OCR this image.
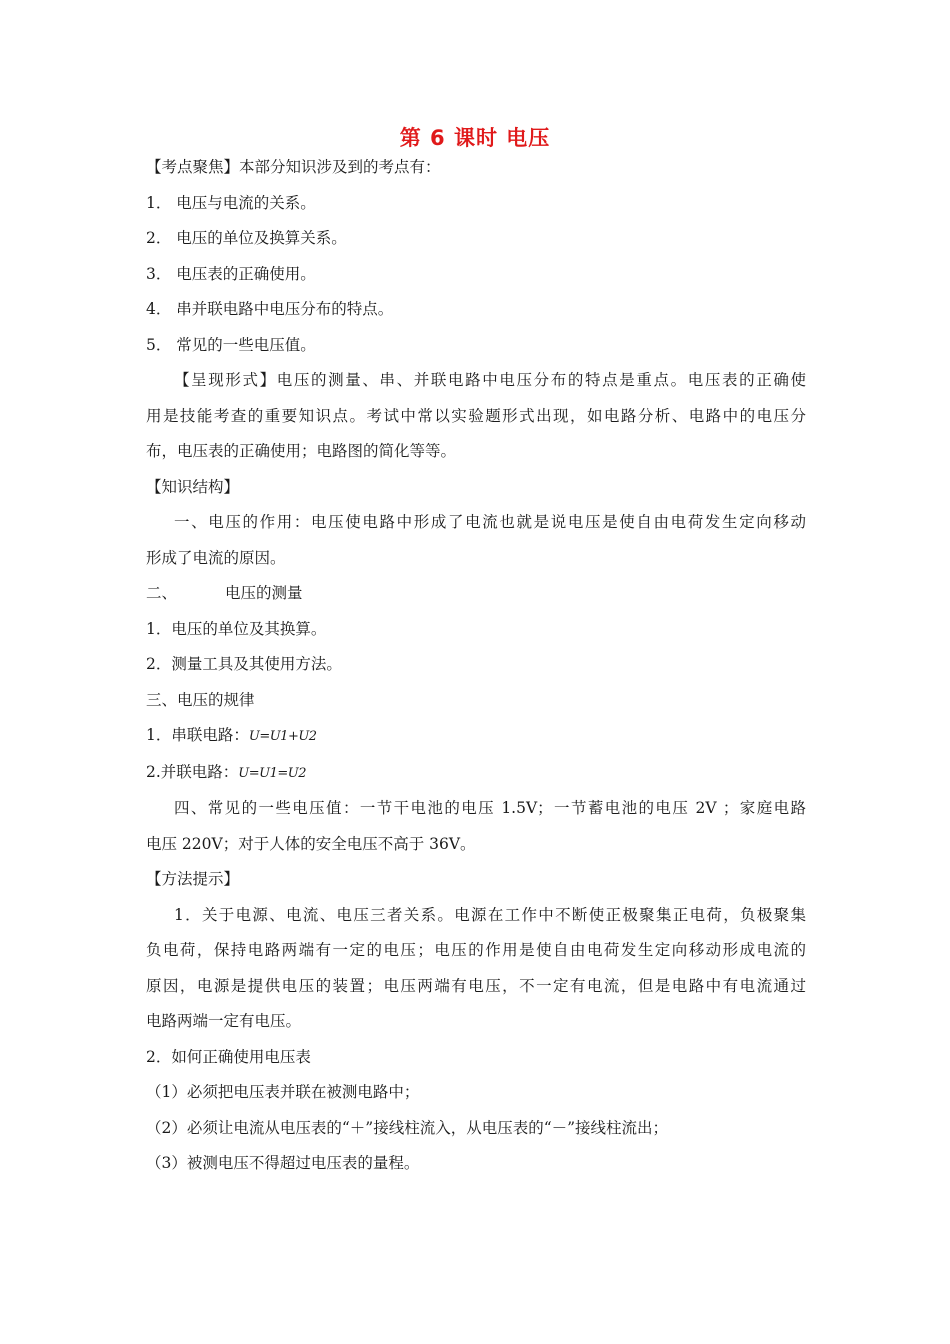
第 6 课时 电压

【考点聚焦】本部分知识涉及到的考点有：

1． 电压与电流的关系。

2． 电压的单位及换算关系。

3． 电压表的正确使用。

4． 串并联电路中电压分布的特点。

5． 常见的一些电压值。

【呈现形式】电压的测量、串、并联电路中电压分布的特点是重点。电压表的正确使

用是技能考查的重要知识点。考试中常以实验题形式出现，如电路分析、电路中的电压分

布，电压表的正确使用；电路图的简化等等。

【知识结构】

一、电压的作用：电压使电路中形成了电流也就是说电压是使自由电荷发生定向移动

形成了电流的原因。

二、	电压的测量

1．电压的单位及其换算。

2．测量工具及其使用方法。

三、电压的规律

1．串联电路：U=U1+U2

2.并联电路：U=U1=U2

四、常见的一些电压值：一节干电池的电压 1.5V；一节蓄电池的电压 2V ；家庭电路

电压 220V；对于人体的安全电压不高于 36V。

【方法提示】

1．关于电源、电流、电压三者关系。电源在工作中不断使正极聚集正电荷，负极聚集

负电荷，保持电路两端有一定的电压；电压的作用是使自由电荷发生定向移动形成电流的

原因，电源是提供电压的装置；电压两端有电压，不一定有电流，但是电路中有电流通过

电路两端一定有电压。

2．如何正确使用电压表

（1）必须把电压表并联在被测电路中；

（2）必须让电流从电压表的“＋”接线柱流入，从电压表的“－”接线柱流出；

（3）被测电压不得超过电压表的量程。
